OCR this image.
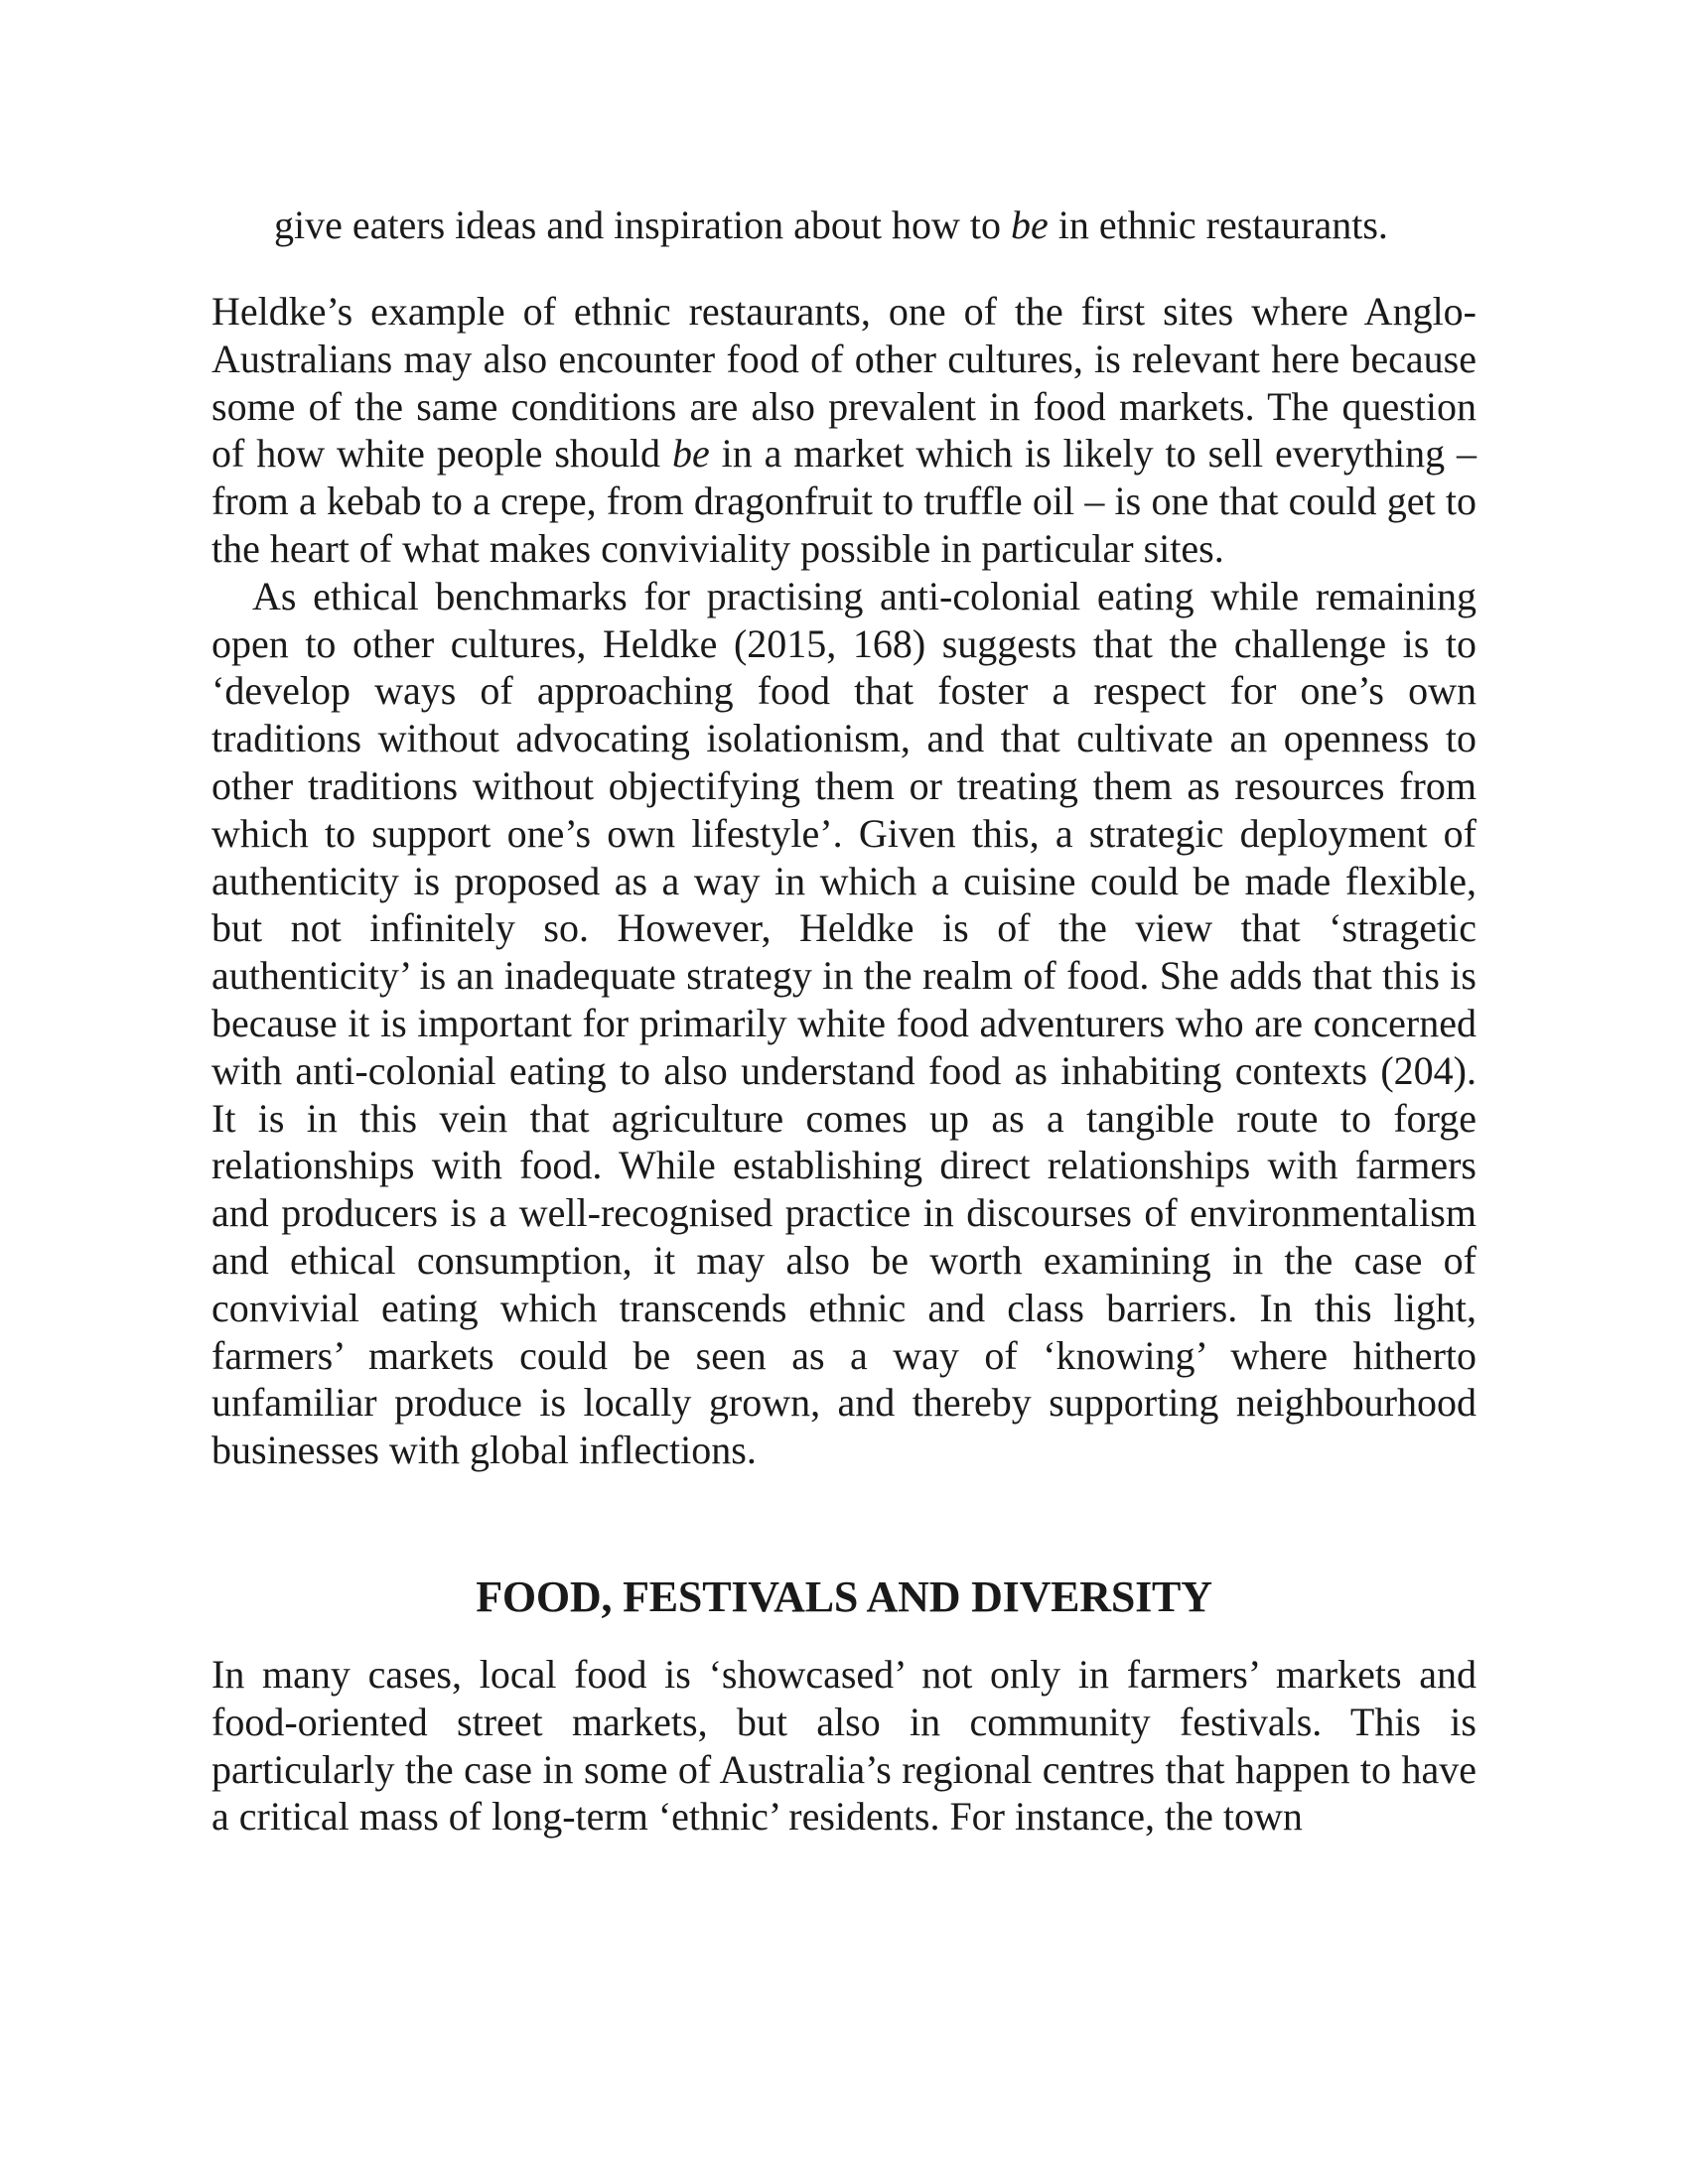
give eaters ideas and inspiration about how to be in ethnic restaurants.

Heldke’s example of ethnic restaurants, one of the first sites where Anglo-Australians may also encounter food of other cultures, is relevant here because some of the same conditions are also prevalent in food markets. The question of how white people should be in a market which is likely to sell everything – from a kebab to a crepe, from dragonfruit to truffle oil – is one that could get to the heart of what makes conviviality possible in particular sites.

As ethical benchmarks for practising anti-colonial eating while remaining open to other cultures, Heldke (2015, 168) suggests that the challenge is to ‘develop ways of approaching food that foster a respect for one’s own traditions without advocating isolationism, and that cultivate an openness to other traditions without objectifying them or treating them as resources from which to support one’s own lifestyle’. Given this, a strategic deployment of authenticity is proposed as a way in which a cuisine could be made flexible, but not infinitely so. However, Heldke is of the view that ‘stragetic authenticity’ is an inadequate strategy in the realm of food. She adds that this is because it is important for primarily white food adventurers who are concerned with anti-colonial eating to also understand food as inhabiting contexts (204). It is in this vein that agriculture comes up as a tangible route to forge relationships with food. While establishing direct relationships with farmers and producers is a well-recognised practice in discourses of environmentalism and ethical consumption, it may also be worth examining in the case of convivial eating which transcends ethnic and class barriers. In this light, farmers’ markets could be seen as a way of ‘knowing’ where hitherto unfamiliar produce is locally grown, and thereby supporting neighbourhood businesses with global inflections.

FOOD, FESTIVALS AND DIVERSITY

In many cases, local food is ‘showcased’ not only in farmers’ markets and food-oriented street markets, but also in community festivals. This is particularly the case in some of Australia’s regional centres that happen to have a critical mass of long-term ‘ethnic’ residents. For instance, the town
